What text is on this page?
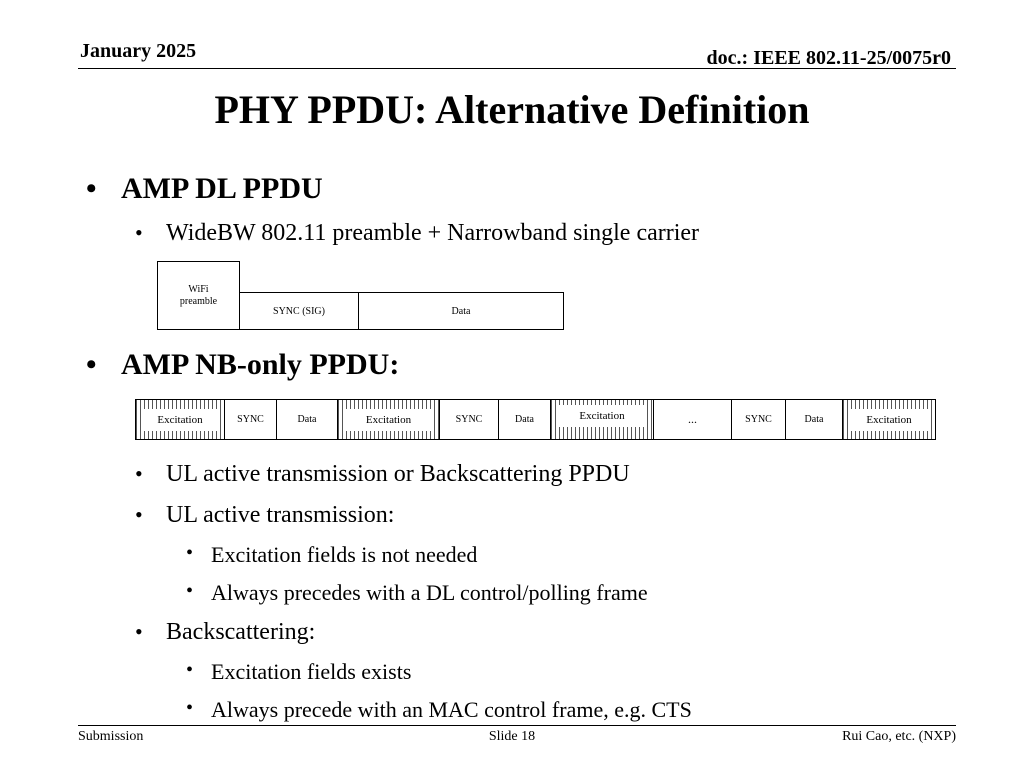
January 2025	doc.: IEEE 802.11-25/0075r0
PHY PPDU: Alternative Definition
• AMP DL PPDU
• WideBW 802.11 preamble + Narrowband single carrier
WiFi preamble
SYNC (SIG)	Data
• AMP NB-only PPDU:
Excitation	SYNC	Data	Excitation	SYNC	Data	Excitation	...	SYNC	Data	Excitation
• UL active transmission or Backscattering PPDU
• UL active transmission:
• Excitation fields is not needed
• Always precedes with a DL control/polling frame
• Backscattering:
• Excitation fields exists
• Always precede with an MAC control frame, e.g. CTS
Submission	Slide 18	Rui Cao, etc. (NXP)
